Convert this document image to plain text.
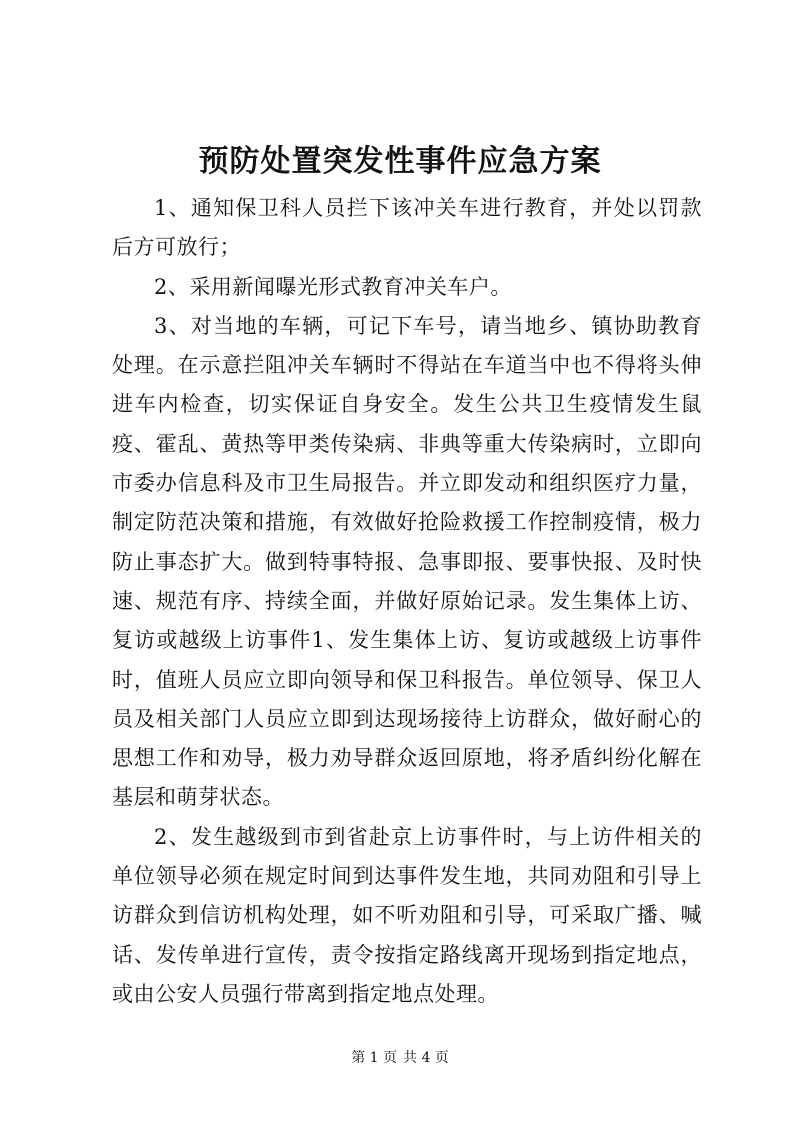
预防处置突发性事件应急方案

1、通知保卫科人员拦下该冲关车进行教育，并处以罚款后方可放行；

2、采用新闻曝光形式教育冲关车户。

3、对当地的车辆，可记下车号，请当地乡、镇协助教育处理。在示意拦阻冲关车辆时不得站在车道当中也不得将头伸进车内检查，切实保证自身安全。发生公共卫生疫情发生鼠疫、霍乱、黄热等甲类传染病、非典等重大传染病时，立即向市委办信息科及市卫生局报告。并立即发动和组织医疗力量，制定防范决策和措施，有效做好抢险救援工作控制疫情，极力防止事态扩大。做到特事特报、急事即报、要事快报、及时快速、规范有序、持续全面，并做好原始记录。发生集体上访、复访或越级上访事件1、发生集体上访、复访或越级上访事件时，值班人员应立即向领导和保卫科报告。单位领导、保卫人员及相关部门人员应立即到达现场接待上访群众，做好耐心的思想工作和劝导，极力劝导群众返回原地，将矛盾纠纷化解在基层和萌芽状态。

2、发生越级到市到省赴京上访事件时，与上访件相关的单位领导必须在规定时间到达事件发生地，共同劝阻和引导上访群众到信访机构处理，如不听劝阻和引导，可采取广播、喊话、发传单进行宣传，责令按指定路线离开现场到指定地点，或由公安人员强行带离到指定地点处理。

第 1 页 共 4 页
